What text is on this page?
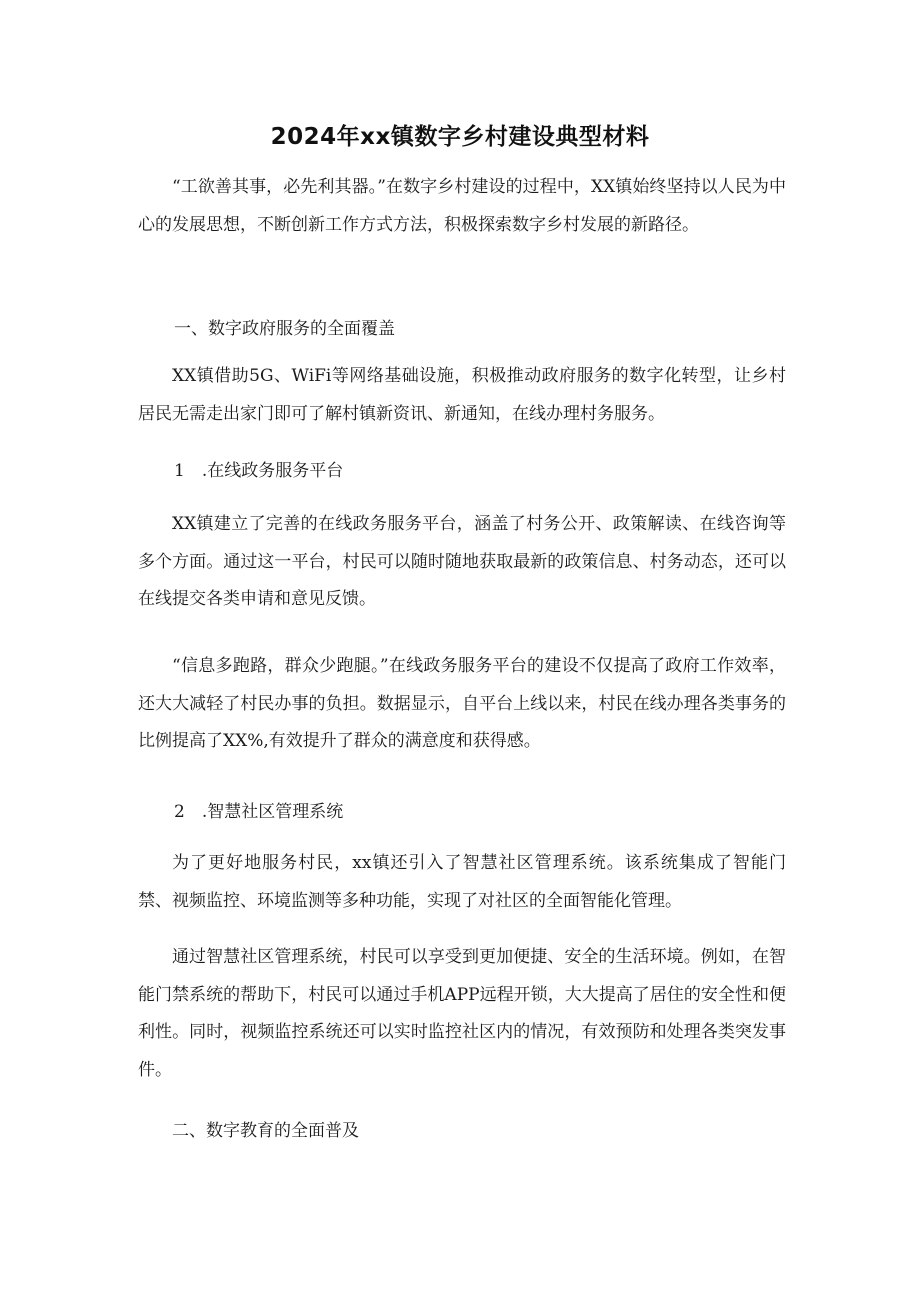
2024年xx镇数字乡村建设典型材料

“工欲善其事，必先利其器。”在数字乡村建设的过程中，XX镇始终坚持以人民为中心的发展思想，不断创新工作方式方法，积极探索数字乡村发展的新路径。

一、数字政府服务的全面覆盖

XX镇借助5G、WiFi等网络基础设施，积极推动政府服务的数字化转型，让乡村居民无需走出家门即可了解村镇新资讯、新通知，在线办理村务服务。

1　.在线政务服务平台

XX镇建立了完善的在线政务服务平台，涵盖了村务公开、政策解读、在线咨询等多个方面。通过这一平台，村民可以随时随地获取最新的政策信息、村务动态，还可以在线提交各类申请和意见反馈。

“信息多跑路，群众少跑腿。”在线政务服务平台的建设不仅提高了政府工作效率，还大大减轻了村民办事的负担。数据显示，自平台上线以来，村民在线办理各类事务的比例提高了XX%,有效提升了群众的满意度和获得感。

2　.智慧社区管理系统

为了更好地服务村民，xx镇还引入了智慧社区管理系统。该系统集成了智能门禁、视频监控、环境监测等多种功能，实现了对社区的全面智能化管理。

通过智慧社区管理系统，村民可以享受到更加便捷、安全的生活环境。例如，在智能门禁系统的帮助下，村民可以通过手机APP远程开锁，大大提高了居住的安全性和便利性。同时，视频监控系统还可以实时监控社区内的情况，有效预防和处理各类突发事件。

二、数字教育的全面普及
